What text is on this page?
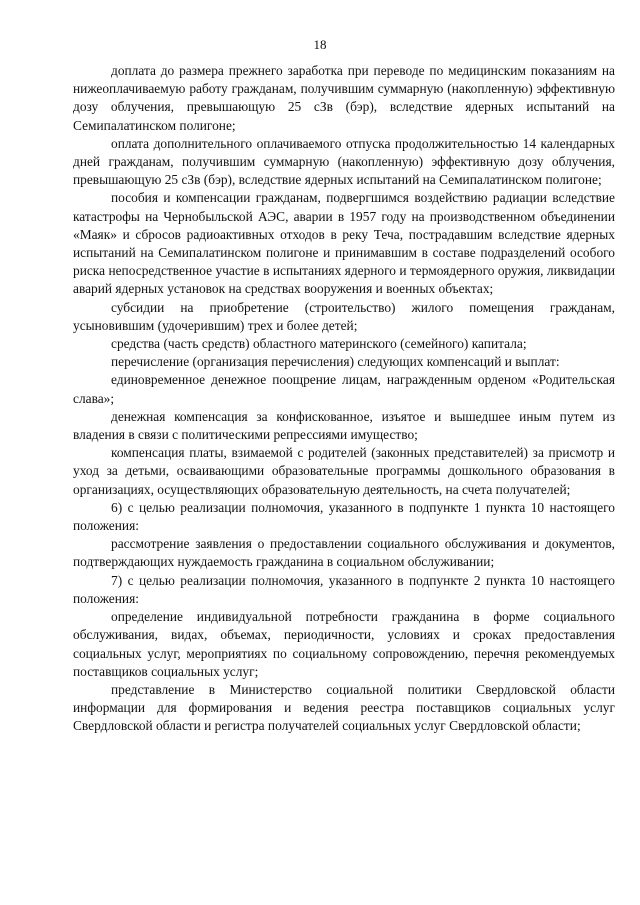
18

доплата до размера прежнего заработка при переводе по медицинским показаниям на нижеоплачиваемую работу гражданам, получившим суммарную (накопленную) эффективную дозу облучения, превышающую 25 сЗв (бэр), вследствие ядерных испытаний на Семипалатинском полигоне;

оплата дополнительного оплачиваемого отпуска продолжительностью 14 календарных дней гражданам, получившим суммарную (накопленную) эффективную дозу облучения, превышающую 25 сЗв (бэр), вследствие ядерных испытаний на Семипалатинском полигоне;

пособия и компенсации гражданам, подвергшимся воздействию радиации вследствие катастрофы на Чернобыльской АЭС, аварии в 1957 году на производственном объединении «Маяк» и сбросов радиоактивных отходов в реку Теча, пострадавшим вследствие ядерных испытаний на Семипалатинском полигоне и принимавшим в составе подразделений особого риска непосредственное участие в испытаниях ядерного и термоядерного оружия, ликвидации аварий ядерных установок на средствах вооружения и военных объектах;

субсидии на приобретение (строительство) жилого помещения гражданам, усыновившим (удочерившим) трех и более детей;

средства (часть средств) областного материнского (семейного) капитала;

перечисление (организация перечисления) следующих компенсаций и выплат:

единовременное денежное поощрение лицам, награжденным орденом «Родительская слава»;

денежная компенсация за конфискованное, изъятое и вышедшее иным путем из владения в связи с политическими репрессиями имущество;

компенсация платы, взимаемой с родителей (законных представителей) за присмотр и уход за детьми, осваивающими образовательные программы дошкольного образования в организациях, осуществляющих образовательную деятельность, на счета получателей;

6) с целью реализации полномочия, указанного в подпункте 1 пункта 10 настоящего положения:

рассмотрение заявления о предоставлении социального обслуживания и документов, подтверждающих нуждаемость гражданина в социальном обслуживании;

7) с целью реализации полномочия, указанного в подпункте 2 пункта 10 настоящего положения:

определение индивидуальной потребности гражданина в форме социального обслуживания, видах, объемах, периодичности, условиях и сроках предоставления социальных услуг, мероприятиях по социальному сопровождению, перечня рекомендуемых поставщиков социальных услуг;

представление в Министерство социальной политики Свердловской области информации для формирования и ведения реестра поставщиков социальных услуг Свердловской области и регистра получателей социальных услуг Свердловской области;
